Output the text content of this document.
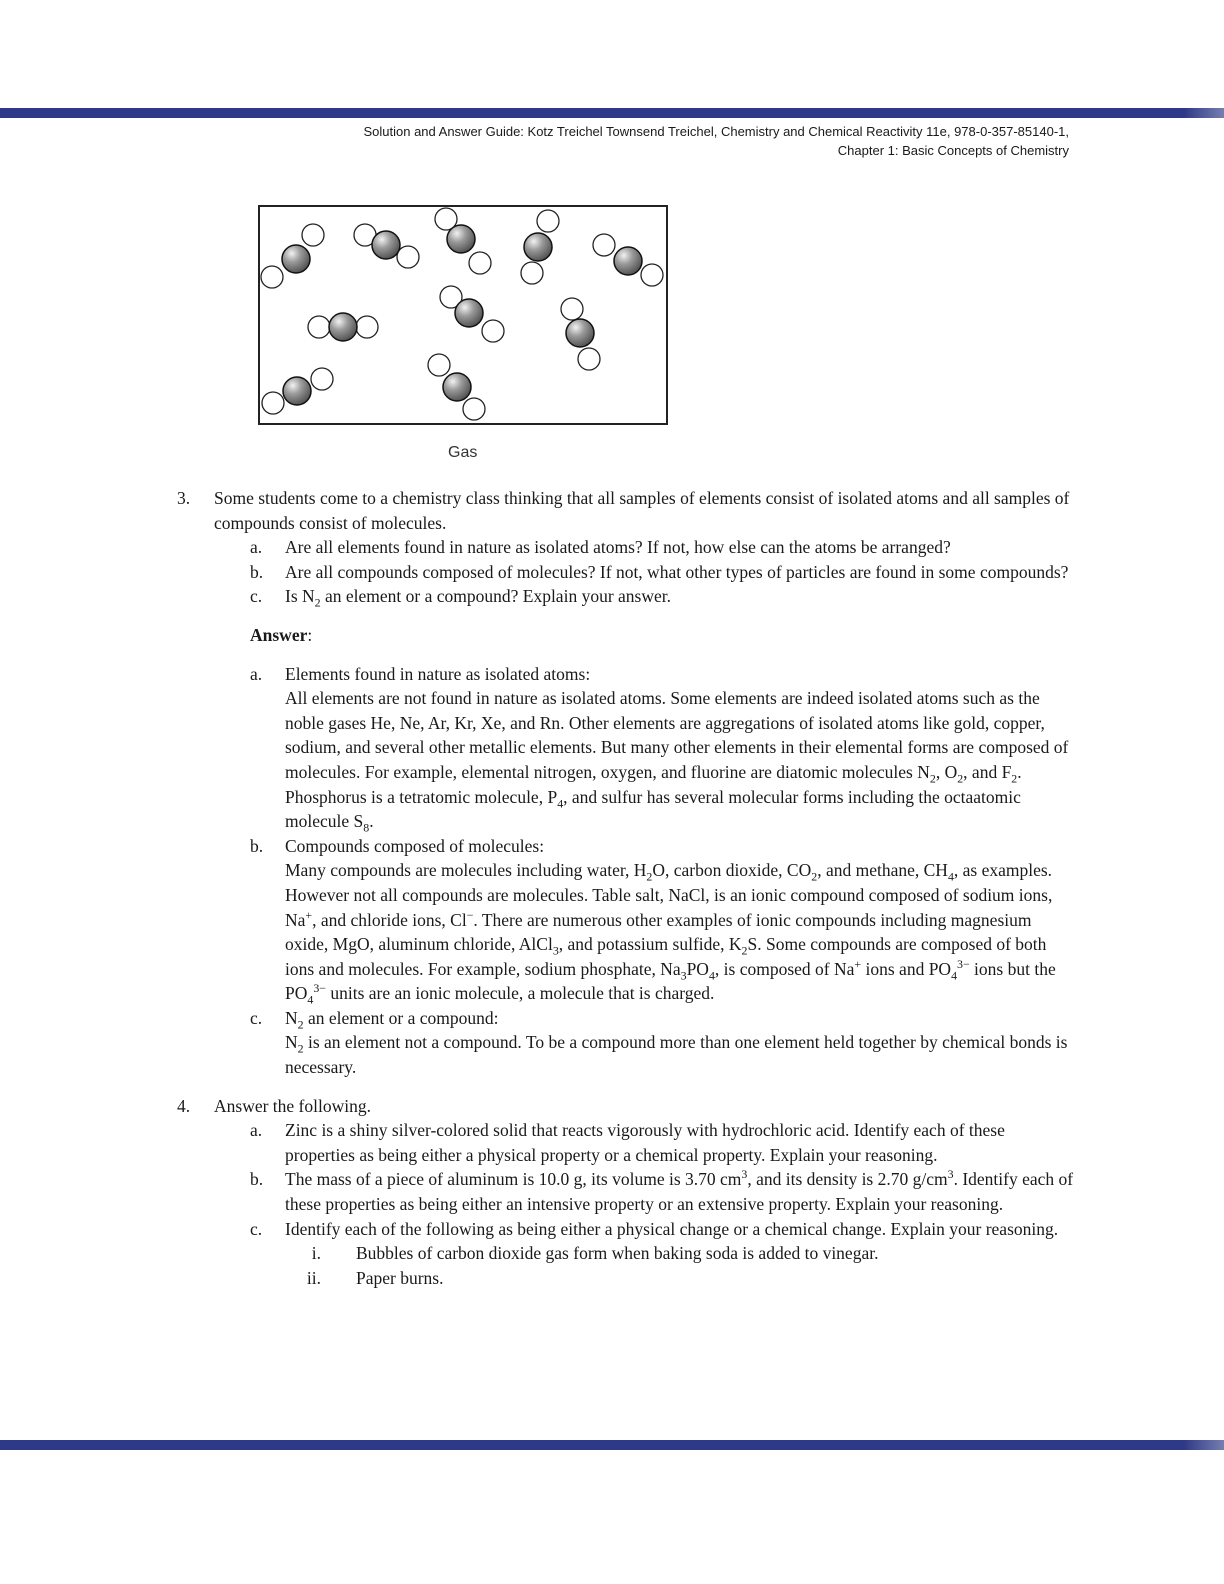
Solution and Answer Guide: Kotz Treichel Townsend Treichel, Chemistry and Chemical Reactivity 11e, 978-0-357-85140-1,
Chapter 1: Basic Concepts of Chemistry
Gas
3. Some students come to a chemistry class thinking that all samples of elements consist of isolated atoms and all samples of compounds consist of molecules.
a. Are all elements found in nature as isolated atoms? If not, how else can the atoms be arranged?
b. Are all compounds composed of molecules? If not, what other types of particles are found in some compounds?
c. Is $N_2$ an element or a compound? Explain your answer.
Answer:
a. Elements found in nature as isolated atoms:
All elements are not found in nature as isolated atoms. Some elements are indeed isolated atoms such as the noble gases He, Ne, Ar, Kr, Xe, and Rn. Other elements are aggregations of isolated atoms like gold, copper, sodium, and several other metallic elements. But many other elements in their elemental forms are composed of molecules. For example, elemental nitrogen, oxygen, and fluorine are diatomic molecules $N_2$, $O_2$, and $F_2$. Phosphorus is a tetratomic molecule, $P_4$, and sulfur has several molecular forms including the octaatomic molecule $S_8$.
b. Compounds composed of molecules:
Many compounds are molecules including water, $H_2O$, carbon dioxide, $CO_2$, and methane, $CH_4$, as examples. However not all compounds are molecules. Table salt, NaCl, is an ionic compound composed of sodium ions, Na+, and chloride ions, Cl−. There are numerous other examples of ionic compounds including magnesium oxide, MgO, aluminum chloride, AlCl$_3$, and potassium sulfide, $K_2S$. Some compounds are composed of both ions and molecules. For example, sodium phosphate, $Na_3PO_4$, is composed of Na+ ions and $PO_4^{3-}$ ions but the $PO_4^{3-}$ units are an ionic molecule, a molecule that is charged.
c. $N_2$ an element or a compound:
$N_2$ is an element not a compound. To be a compound more than one element held together by chemical bonds is necessary.
4. Answer the following.
a. Zinc is a shiny silver-colored solid that reacts vigorously with hydrochloric acid. Identify each of these properties as being either a physical property or a chemical property. Explain your reasoning.
b. The mass of a piece of aluminum is 10.0 g, its volume is 3.70 $cm^3$, and its density is 2.70 $g/cm^3$. Identify each of these properties as being either an intensive property or an extensive property. Explain your reasoning.
c. Identify each of the following as being either a physical change or a chemical change. Explain your reasoning.
i. Bubbles of carbon dioxide gas form when baking soda is added to vinegar.
ii. Paper burns.
